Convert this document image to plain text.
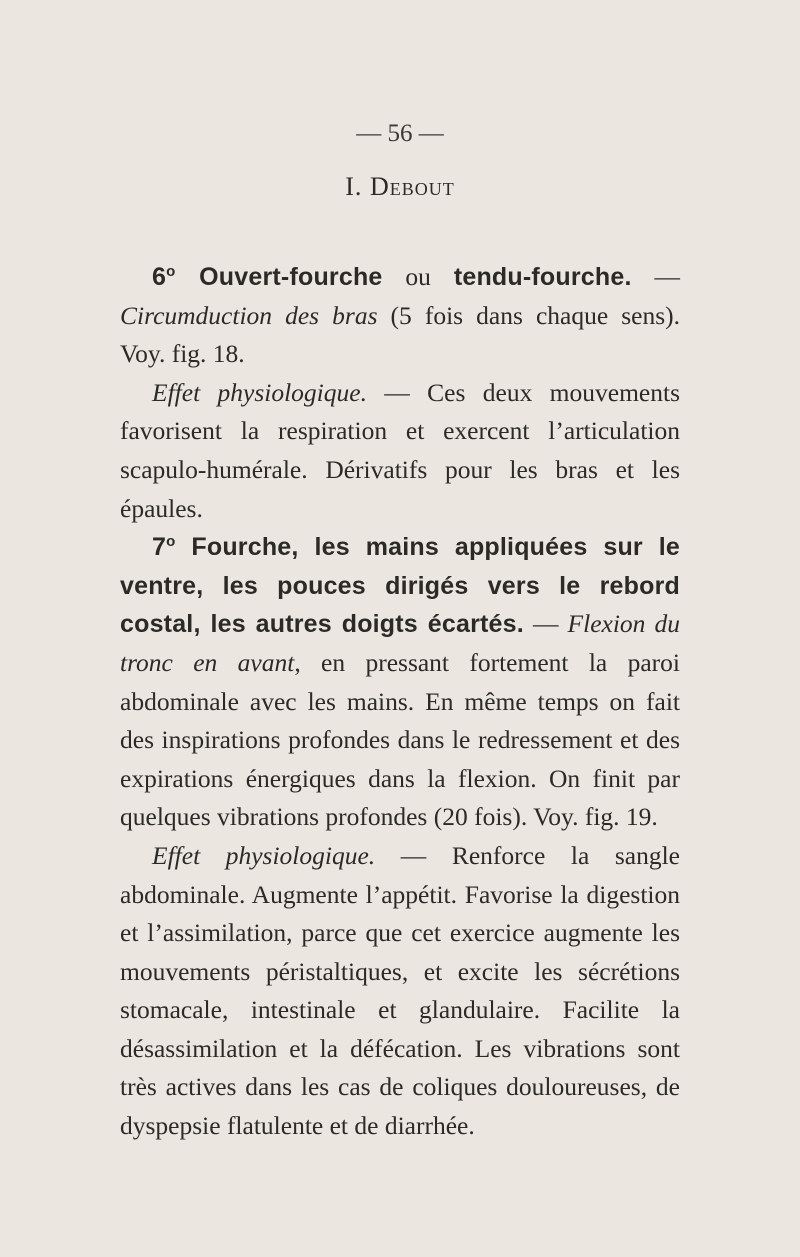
— 56 —
I. Debout

6$^o$ Ouvert-fourche ou tendu-fourche. — Circumduction des bras (5 fois dans chaque sens). Voy. fig. 18.

Effet physiologique. — Ces deux mouvements favorisent la respiration et exercent l’articulation scapulo-humérale. Dérivatifs pour les bras et les épaules.

7$^o$ Fourche, les mains appliquées sur le ventre, les pouces dirigés vers le rebord costal, les autres doigts écartés. — Flexion du tronc en avant, en pressant fortement la paroi abdominale avec les mains. En même temps on fait des inspirations profondes dans le redressement et des expirations énergiques dans la flexion. On finit par quelques vibrations profondes (20 fois). Voy. fig. 19.

Effet physiologique. — Renforce la sangle abdominale. Augmente l’appétit. Favorise la digestion et l’assimilation, parce que cet exercice augmente les mouvements péristaltiques, et excite les sécrétions stomacale, intestinale et glandulaire. Facilite la désassimilation et la défécation. Les vibrations sont très actives dans les cas de coliques douloureuses, de dyspepsie flatulente et de diarrhée.
